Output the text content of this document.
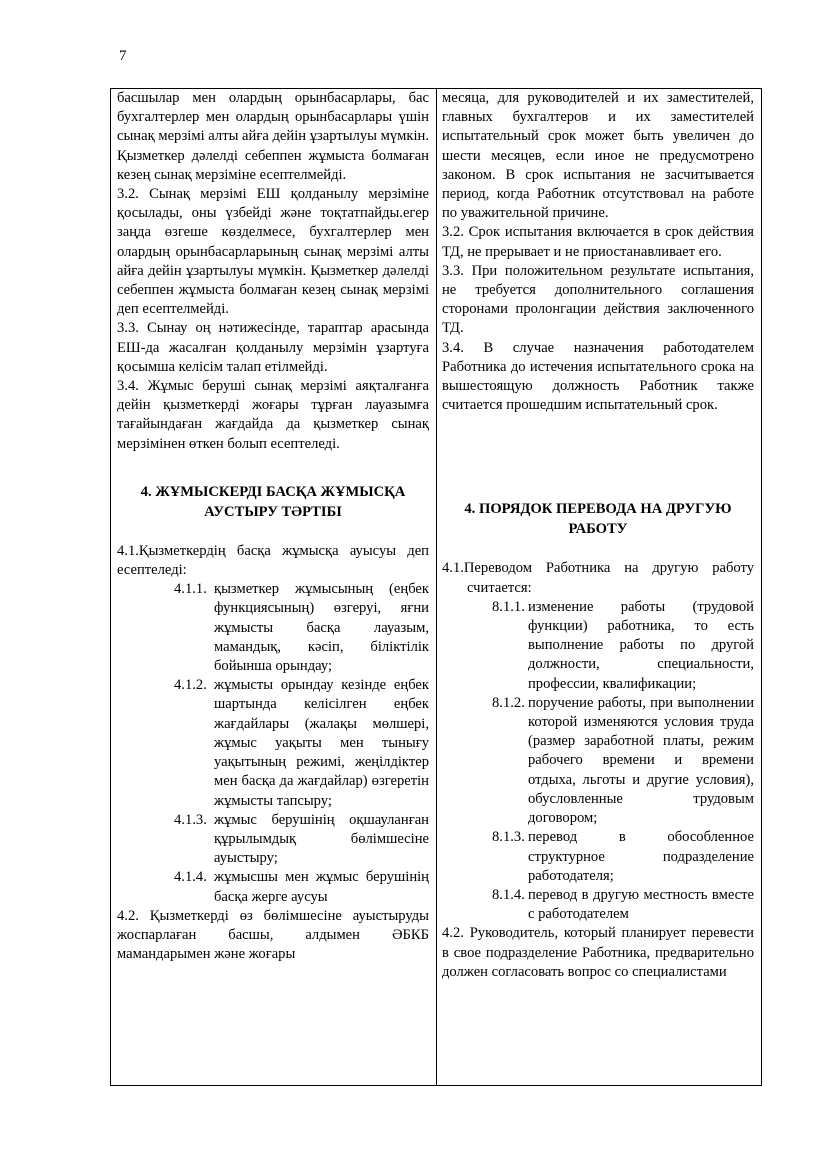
7

басшылар мен олардың орынбасарлары, бас бухгалтерлер мен олардың орынбасарлары үшін сынақ мерзімі алты айға дейін ұзартылуы мүмкін. Қызметкер дәлелді себеппен жұмыста болмаған кезең сынақ мерзіміне есептелмейді.

3.2. Сынақ мерзімі ЕШ қолданылу мерзіміне қосылады, оны үзбейді және тоқтатпайды.егер заңда өзгеше көзделмесе, бухгалтерлер мен олардың орынбасарларының сынақ мерзімі алты айға дейін ұзартылуы мүмкін. Қызметкер дәлелді себеппен жұмыста болмаған кезең сынақ мерзімі деп есептелмейді.

3.3. Сынау оң нәтижесінде, тараптар арасында ЕШ-да жасалған қолданылу мерзімін ұзартуға қосымша келісім талап етілмейді.

3.4. Жұмыс беруші сынақ мерзімі аяқталғанға дейін қызметкерді жоғары тұрған лауазымға тағайындаған жағдайда да қызметкер сынақ мерзімінен өткен болып есептеледі.

4. ЖҰМЫСКЕРДІ БАСҚА ЖҰМЫСҚА АУСТЫРУ ТӘРТІБІ

4.1.Қызметкердің басқа жұмысқа ауысуы деп есептеледі:

4.1.1. қызметкер жұмысының (еңбек функциясының) өзгеруі, яғни жұмысты басқа лауазым, мамандық, кәсіп, біліктілік бойынша орындау;

4.1.2. жұмысты орындау кезінде еңбек шартында келісілген еңбек жағдайлары (жалақы мөлшері, жұмыс уақыты мен тынығу уақытының режимі, жеңілдіктер мен басқа да жағдайлар) өзгеретін жұмысты тапсыру;

4.1.3. жұмыс берушінің оқшауланған құрылымдық бөлімшесіне ауыстыру;

4.1.4. жұмысшы мен жұмыс берушінің басқа жерге аусуы

4.2. Қызметкерді өз бөлімшесіне ауыстыруды жоспарлаған басшы, алдымен ӘБКБ мамандарымен және жоғары

месяца, для руководителей и их заместителей, главных бухгалтеров и их заместителей испытательный срок может быть увеличен до шести месяцев, если иное не предусмотрено законом. В срок испытания не засчитывается период, когда Работник отсутствовал на работе по уважительной причине.

3.2. Срок испытания включается в срок действия ТД, не прерывает и не приостанавливает его.

3.3. При положительном результате испытания, не требуется дополнительного соглашения сторонами пролонгации действия заключенного ТД.

3.4. В случае назначения работодателем Работника до истечения испытательного срока на вышестоящую должность Работник также считается прошедшим испытательный срок.

4. ПОРЯДОК ПЕРЕВОДА НА ДРУГУЮ РАБОТУ

4.1.Переводом Работника на другую работу считается:

8.1.1. изменение работы (трудовой функции) работника, то есть выполнение работы по другой должности, специальности, профессии, квалификации;

8.1.2. поручение работы, при выполнении которой изменяются условия труда (размер заработной платы, режим рабочего времени и времени отдыха, льготы и другие условия), обусловленные трудовым договором;

8.1.3. перевод в обособленное структурное подразделение работодателя;

8.1.4. перевод в другую местность вместе с работодателем

4.2. Руководитель, который планирует перевести в свое подразделение Работника, предварительно должен согласовать вопрос со специалистами
